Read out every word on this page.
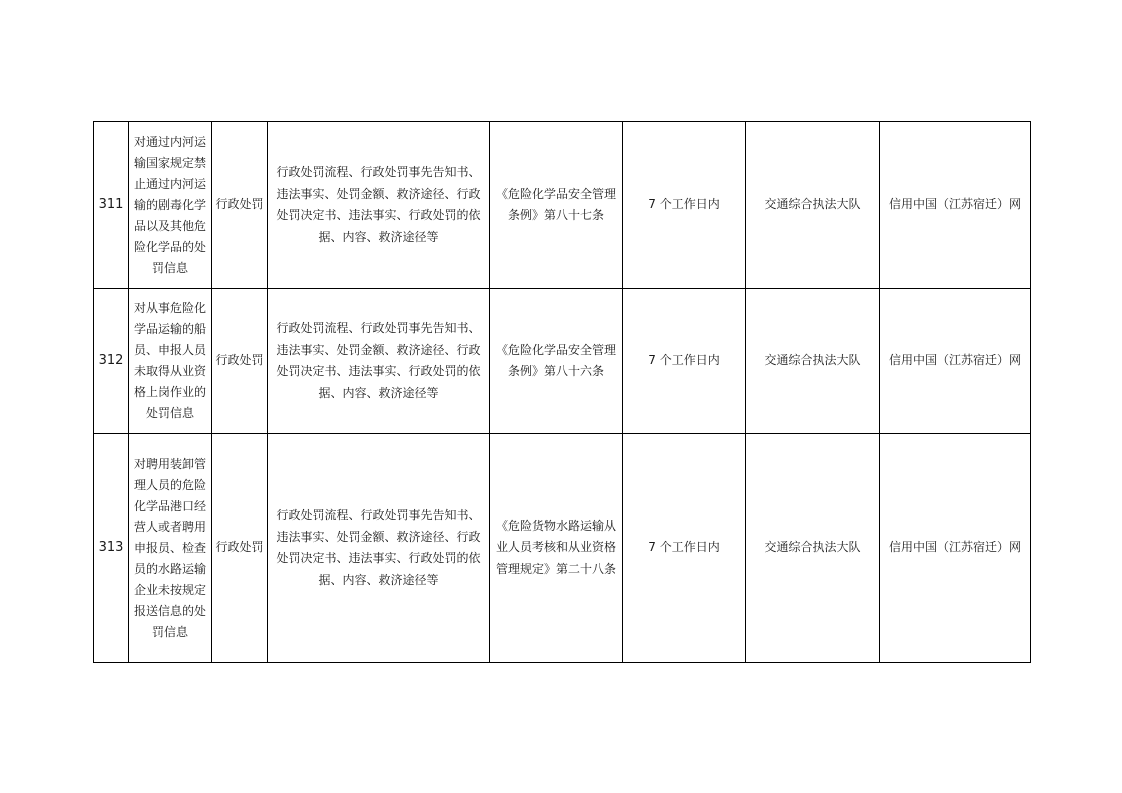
311	对通过内河运输国家规定禁止通过内河运输的剧毒化学品以及其他危险化学品的处罚信息	行政处罚	行政处罚流程、行政处罚事先告知书、违法事实、处罚金额、救济途径、行政处罚决定书、违法事实、行政处罚的依据、内容、救济途径等	《危险化学品安全管理条例》第八十七条	7 个工作日内	交通综合执法大队	信用中国（江苏宿迁）网
312	对从事危险化学品运输的船员、申报人员未取得从业资格上岗作业的处罚信息	行政处罚	行政处罚流程、行政处罚事先告知书、违法事实、处罚金额、救济途径、行政处罚决定书、违法事实、行政处罚的依据、内容、救济途径等	《危险化学品安全管理条例》第八十六条	7 个工作日内	交通综合执法大队	信用中国（江苏宿迁）网
313	对聘用装卸管理人员的危险化学品港口经营人或者聘用申报员、检查员的水路运输企业未按规定报送信息的处罚信息	行政处罚	行政处罚流程、行政处罚事先告知书、违法事实、处罚金额、救济途径、行政处罚决定书、违法事实、行政处罚的依据、内容、救济途径等	《危险货物水路运输从业人员考核和从业资格管理规定》第二十八条	7 个工作日内	交通综合执法大队	信用中国（江苏宿迁）网
